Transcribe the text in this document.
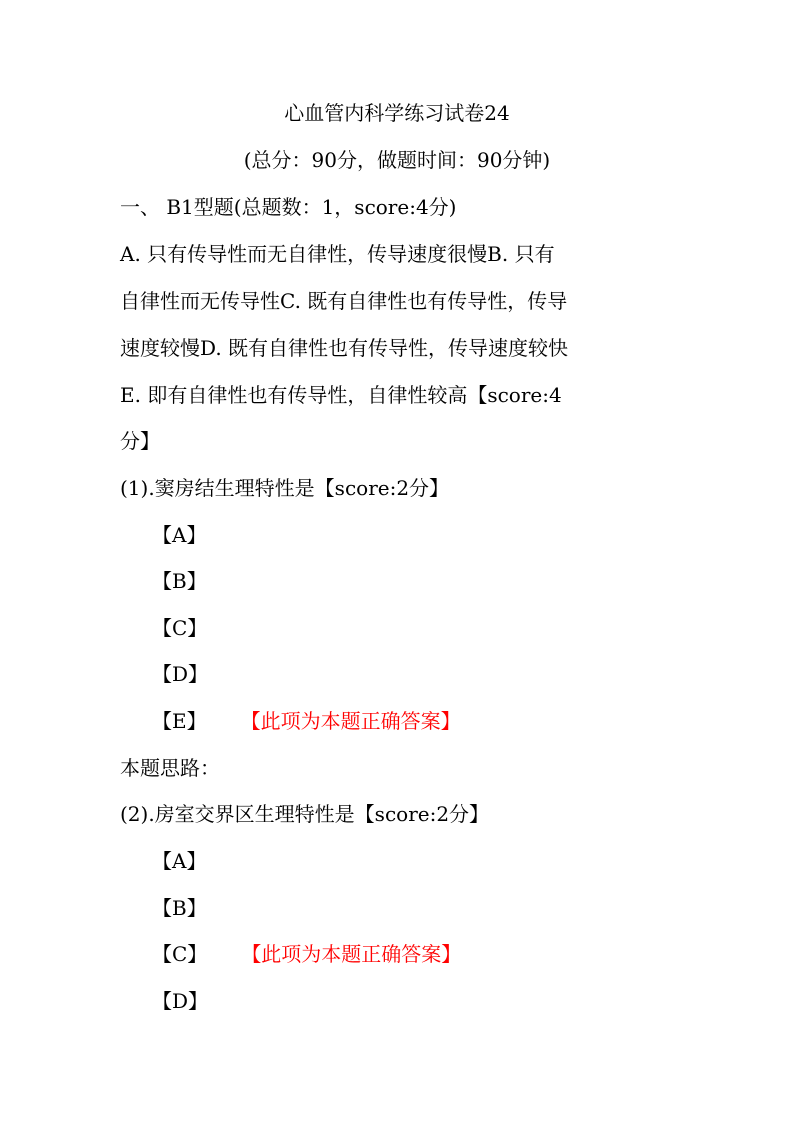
心血管内科学练习试卷24
(总分：90分，做题时间：90分钟)
一、 B1型题(总题数：1，score:4分)
A. 只有传导性而无自律性，传导速度很慢B. 只有
自律性而无传导性C. 既有自律性也有传导性，传导
速度较慢D. 既有自律性也有传导性，传导速度较快
E. 即有自律性也有传导性，自律性较高【score:4
分】
(1).窦房结生理特性是【score:2分】
【A】
【B】
【C】
【D】
【E】 【此项为本题正确答案】
本题思路：
(2).房室交界区生理特性是【score:2分】
【A】
【B】
【C】 【此项为本题正确答案】
【D】
